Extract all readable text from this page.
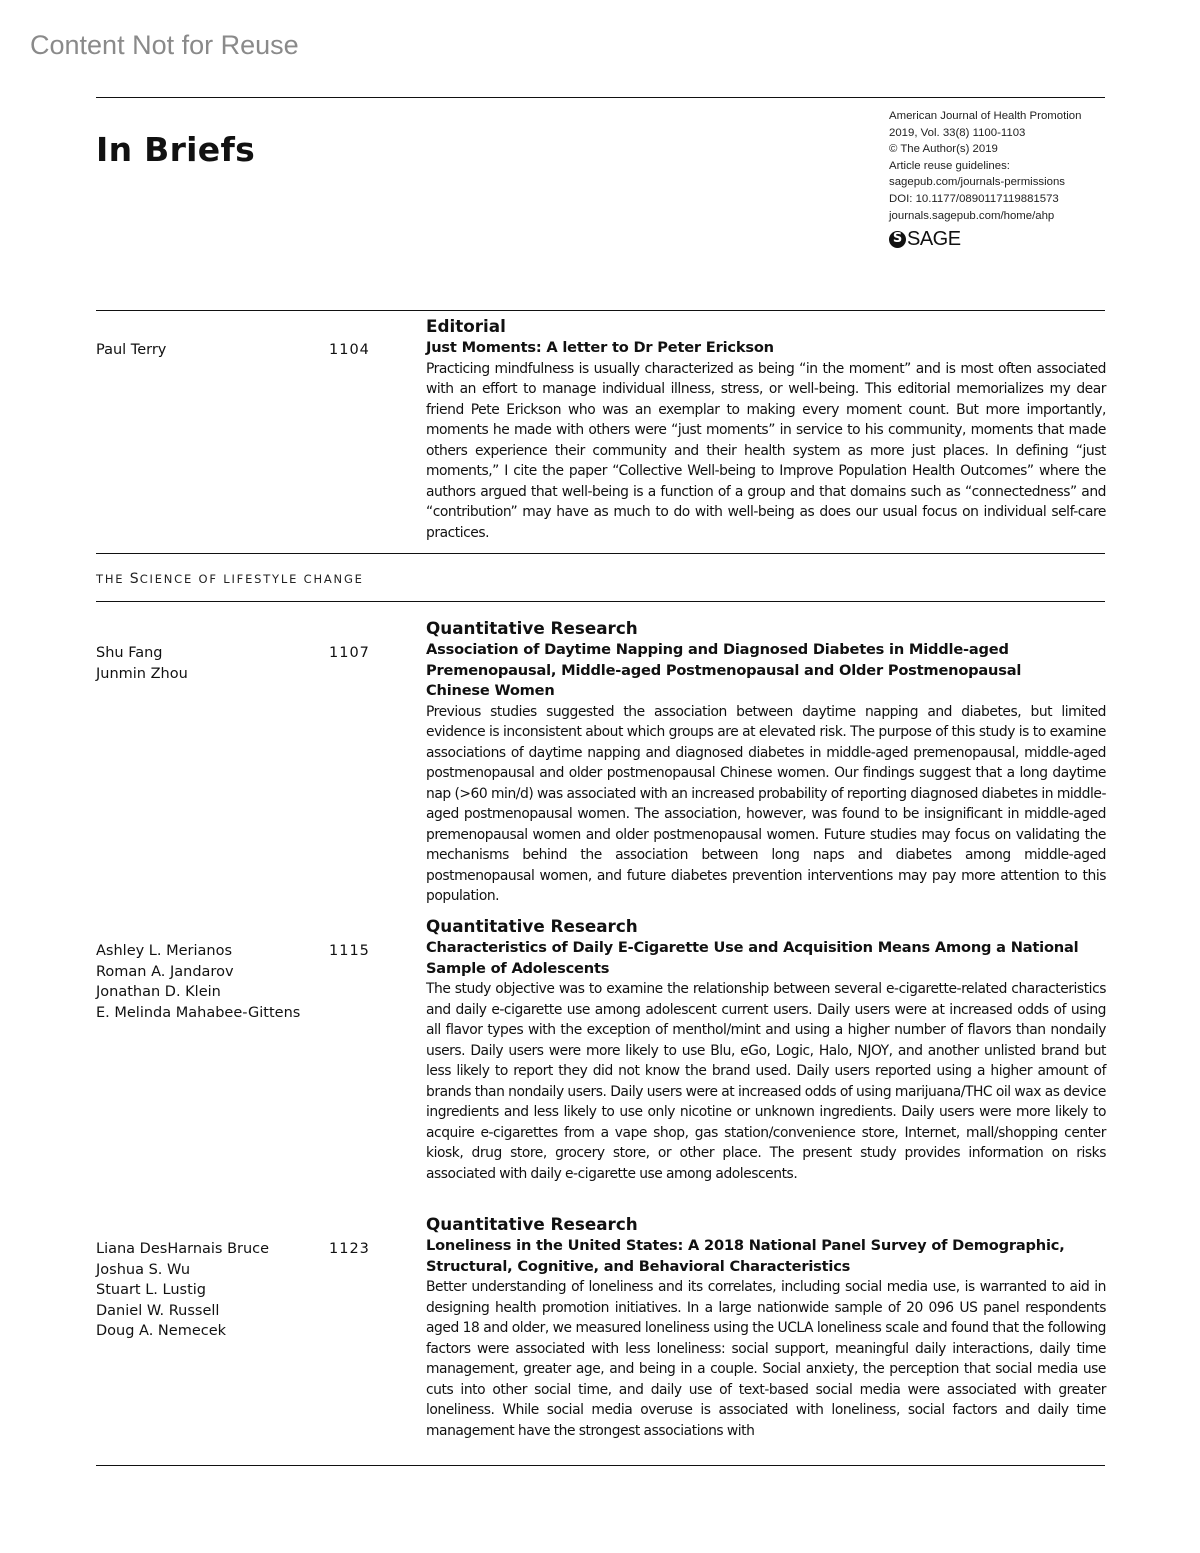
Content Not for Reuse
In Briefs
American Journal of Health Promotion
2019, Vol. 33(8) 1100-1103
© The Author(s) 2019
Article reuse guidelines:
sagepub.com/journals-permissions
DOI: 10.1177/0890117119881573
journals.sagepub.com/home/ahp
S SAGE
Paul Terry	1104
Editorial
Just Moments: A letter to Dr Peter Erickson
Practicing mindfulness is usually characterized as being “in the moment” and is most often associated with an effort to manage individual illness, stress, or well-being. This editorial memorializes my dear friend Pete Erickson who was an exemplar to making every moment count. But more importantly, moments he made with others were “just moments” in service to his community, moments that made others experience their community and their health system as more just places. In defining “just moments,” I cite the paper “Collective Well-being to Improve Population Health Outcomes” where the authors argued that well-being is a function of a group and that domains such as “connectedness” and “contribution” may have as much to do with well-being as does our usual focus on individual self-care practices.
THE SCIENCE OF LIFESTYLE CHANGE
Shu Fang
Junmin Zhou
1107
Quantitative Research
Association of Daytime Napping and Diagnosed Diabetes in Middle-aged Premenopausal, Middle-aged Postmenopausal and Older Postmenopausal Chinese Women
Previous studies suggested the association between daytime napping and diabetes, but limited evidence is inconsistent about which groups are at elevated risk. The purpose of this study is to examine associations of daytime napping and diagnosed diabetes in middle-aged premenopausal, middle-aged postmenopausal and older postmenopausal Chinese women. Our findings suggest that a long daytime nap (>60 min/d) was associated with an increased probability of reporting diagnosed diabetes in middle-aged postmenopausal women. The association, however, was found to be insignificant in middle-aged premenopausal women and older postmenopausal women. Future studies may focus on validating the mechanisms behind the association between long naps and diabetes among middle-aged postmenopausal women, and future diabetes prevention interventions may pay more attention to this population.
Ashley L. Merianos
Roman A. Jandarov
Jonathan D. Klein
E. Melinda Mahabee-Gittens
1115
Quantitative Research
Characteristics of Daily E-Cigarette Use and Acquisition Means Among a National Sample of Adolescents
The study objective was to examine the relationship between several e-cigarette-related characteristics and daily e-cigarette use among adolescent current users. Daily users were at increased odds of using all flavor types with the exception of menthol/mint and using a higher number of flavors than nondaily users. Daily users were more likely to use Blu, eGo, Logic, Halo, NJOY, and another unlisted brand but less likely to report they did not know the brand used. Daily users reported using a higher amount of brands than nondaily users. Daily users were at increased odds of using marijuana/THC oil wax as device ingredients and less likely to use only nicotine or unknown ingredients. Daily users were more likely to acquire e-cigarettes from a vape shop, gas station/convenience store, Internet, mall/shopping center kiosk, drug store, grocery store, or other place. The present study provides information on risks associated with daily e-cigarette use among adolescents.
Liana DesHarnais Bruce
Joshua S. Wu
Stuart L. Lustig
Daniel W. Russell
Doug A. Nemecek
1123
Quantitative Research
Loneliness in the United States: A 2018 National Panel Survey of Demographic, Structural, Cognitive, and Behavioral Characteristics
Better understanding of loneliness and its correlates, including social media use, is warranted to aid in designing health promotion initiatives. In a large nationwide sample of 20 096 US panel respondents aged 18 and older, we measured loneliness using the UCLA loneliness scale and found that the following factors were associated with less loneliness: social support, meaningful daily interactions, daily time management, greater age, and being in a couple. Social anxiety, the perception that social media use cuts into other social time, and daily use of text-based social media were associated with greater loneliness. While social media overuse is associated with loneliness, social factors and daily time management have the strongest associations with
